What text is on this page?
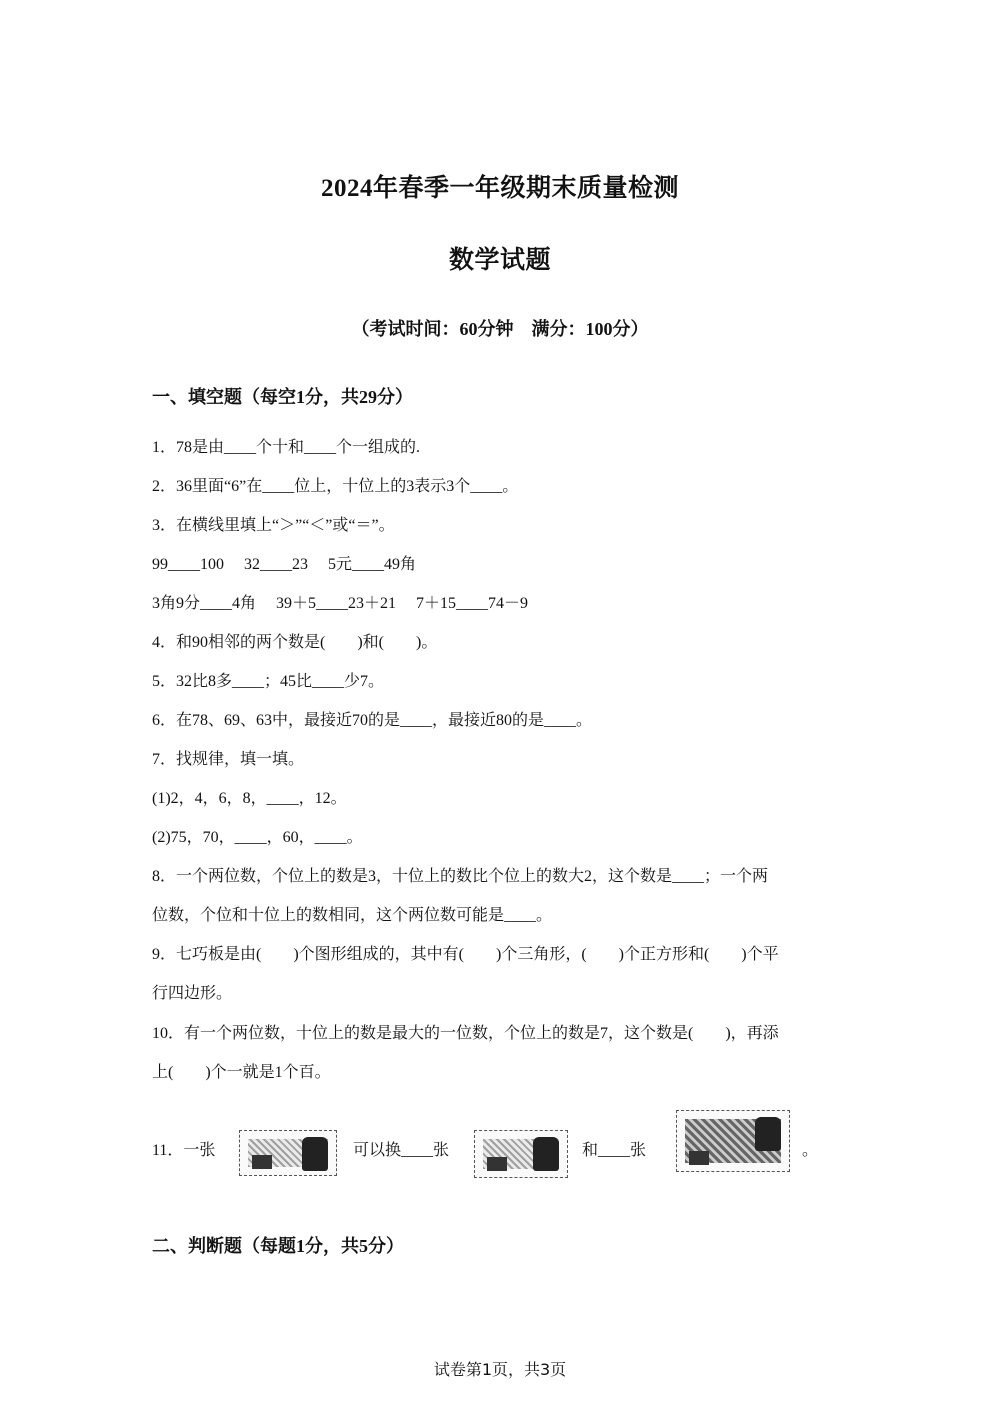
2024年春季一年级期末质量检测
数学试题
（考试时间：60分钟　满分：100分）
一、填空题（每空1分，共29分）
1．78是由____个十和____个一组成的.
2．36里面“6”在____位上，十位上的3表示3个____。
3．在横线里填上“＞”“＜”或“＝”。
99____100　 32____23　 5元____49角
3角9分____4角　 39＋5____23＋21　 7＋15____74－9
4．和90相邻的两个数是(　　)和(　　)。
5．32比8多____；45比____少7。
6．在78、69、63中，最接近70的是____，最接近80的是____。
7．找规律，填一填。
(1)2，4，6，8，____，12。
(2)75，70，____，60，____。
8．一个两位数，个位上的数是3，十位上的数比个位上的数大2，这个数是____；一个两
位数，个位和十位上的数相同，这个两位数可能是____。
9．七巧板是由(　　)个图形组成的，其中有(　　)个三角形，(　　)个正方形和(　　)个平
行四边形。
10．有一个两位数，十位上的数是最大的一位数，个位上的数是7，这个数是(　　)，再添
上(　　)个一就是1个百。
11．一张	可以换____张	和____张	。
二、判断题（每题1分，共5分）
试卷第1页，共3页
